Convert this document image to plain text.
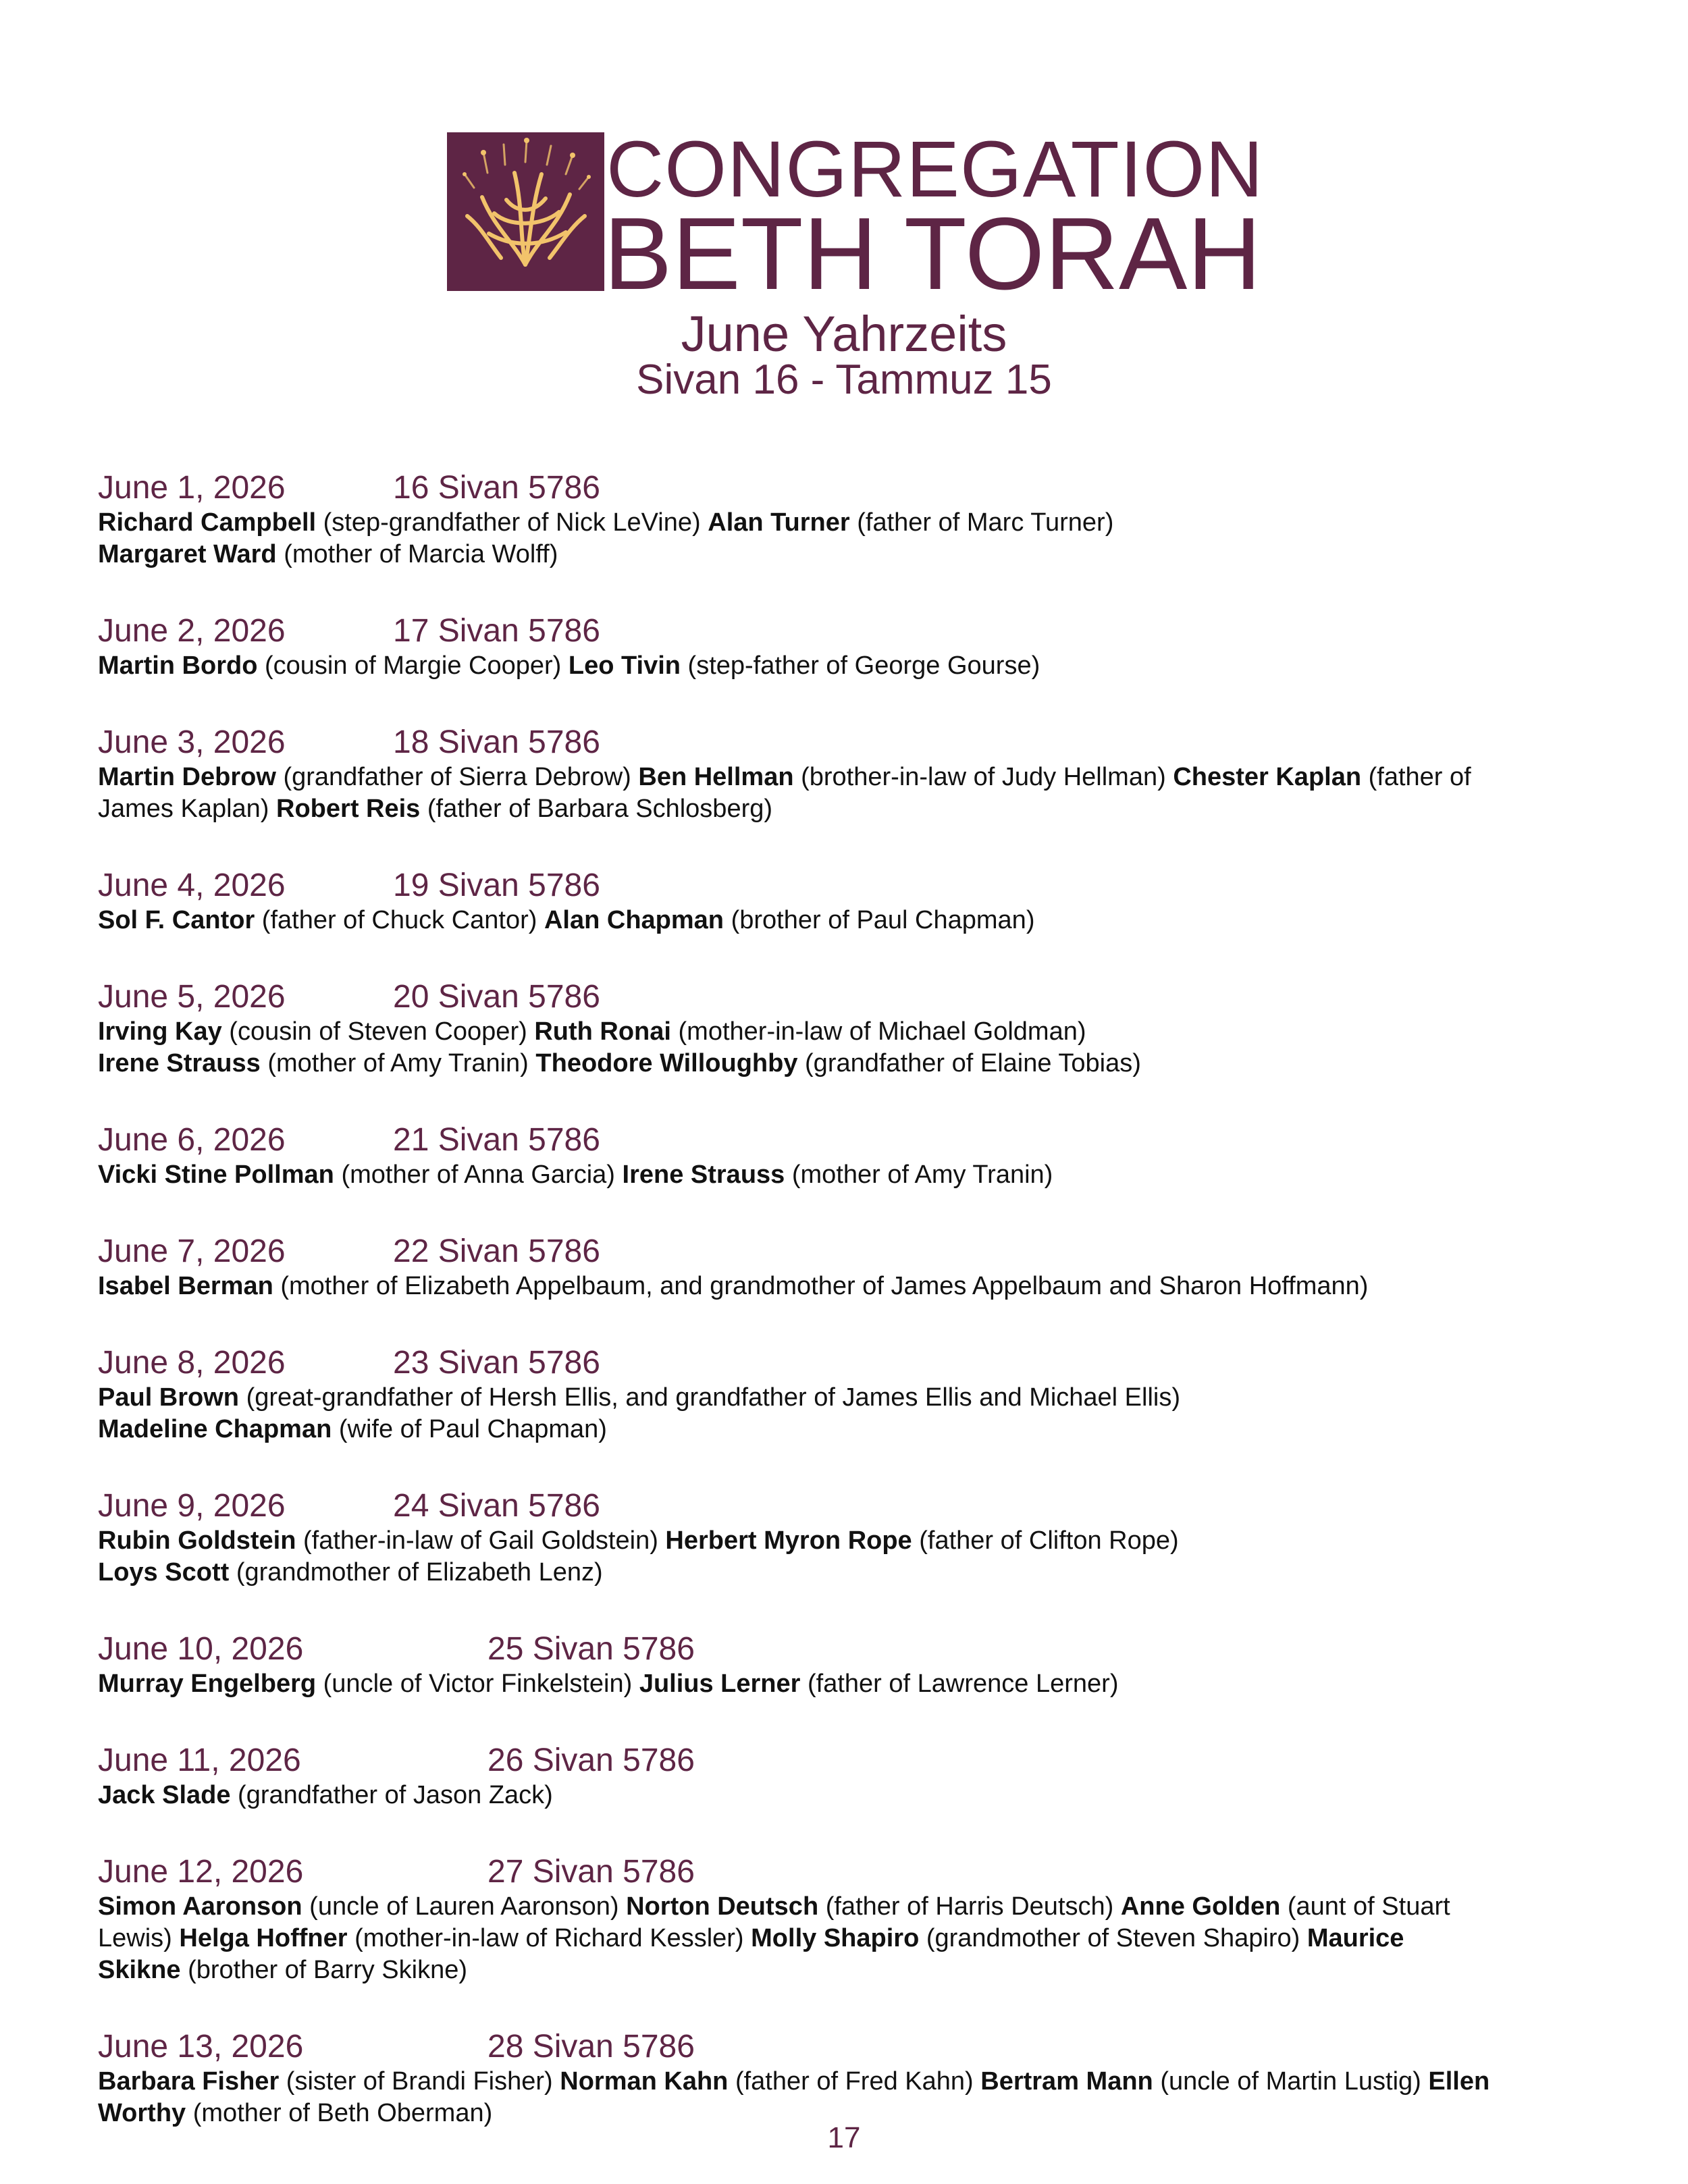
CONGREGATION
BETH TORAH
June Yahrzeits
Sivan 16 - Tammuz 15
June 1, 2026	16 Sivan 5786
Richard Campbell (step-grandfather of Nick LeVine) Alan Turner (father of Marc Turner)
Margaret Ward (mother of Marcia Wolff)
June 2, 2026	17 Sivan 5786
Martin Bordo (cousin of Margie Cooper) Leo Tivin (step-father of George Gourse)
June 3, 2026	18 Sivan 5786
Martin Debrow (grandfather of Sierra Debrow) Ben Hellman (brother-in-law of Judy Hellman) Chester Kaplan (father of
James Kaplan) Robert Reis (father of Barbara Schlosberg)
June 4, 2026	19 Sivan 5786
Sol F. Cantor (father of Chuck Cantor) Alan Chapman (brother of Paul Chapman)
June 5, 2026	20 Sivan 5786
Irving Kay (cousin of Steven Cooper) Ruth Ronai (mother-in-law of Michael Goldman)
Irene Strauss (mother of Amy Tranin) Theodore Willoughby (grandfather of Elaine Tobias)
June 6, 2026	21 Sivan 5786
Vicki Stine Pollman (mother of Anna Garcia) Irene Strauss (mother of Amy Tranin)
June 7, 2026	22 Sivan 5786
Isabel Berman (mother of Elizabeth Appelbaum, and grandmother of James Appelbaum and Sharon Hoffmann)
June 8, 2026	23 Sivan 5786
Paul Brown (great-grandfather of Hersh Ellis, and grandfather of James Ellis and Michael Ellis)
Madeline Chapman (wife of Paul Chapman)
June 9, 2026	24 Sivan 5786
Rubin Goldstein (father-in-law of Gail Goldstein) Herbert Myron Rope (father of Clifton Rope)
Loys Scott (grandmother of Elizabeth Lenz)
June 10, 2026	25 Sivan 5786
Murray Engelberg (uncle of Victor Finkelstein) Julius Lerner (father of Lawrence Lerner)
June 11, 2026	26 Sivan 5786
Jack Slade (grandfather of Jason Zack)
June 12, 2026	27 Sivan 5786
Simon Aaronson (uncle of Lauren Aaronson) Norton Deutsch (father of Harris Deutsch) Anne Golden (aunt of Stuart
Lewis) Helga Hoffner (mother-in-law of Richard Kessler) Molly Shapiro (grandmother of Steven Shapiro) Maurice
Skikne (brother of Barry Skikne)
June 13, 2026	28 Sivan 5786
Barbara Fisher (sister of Brandi Fisher) Norman Kahn (father of Fred Kahn) Bertram Mann (uncle of Martin Lustig) Ellen
Worthy (mother of Beth Oberman)
17
